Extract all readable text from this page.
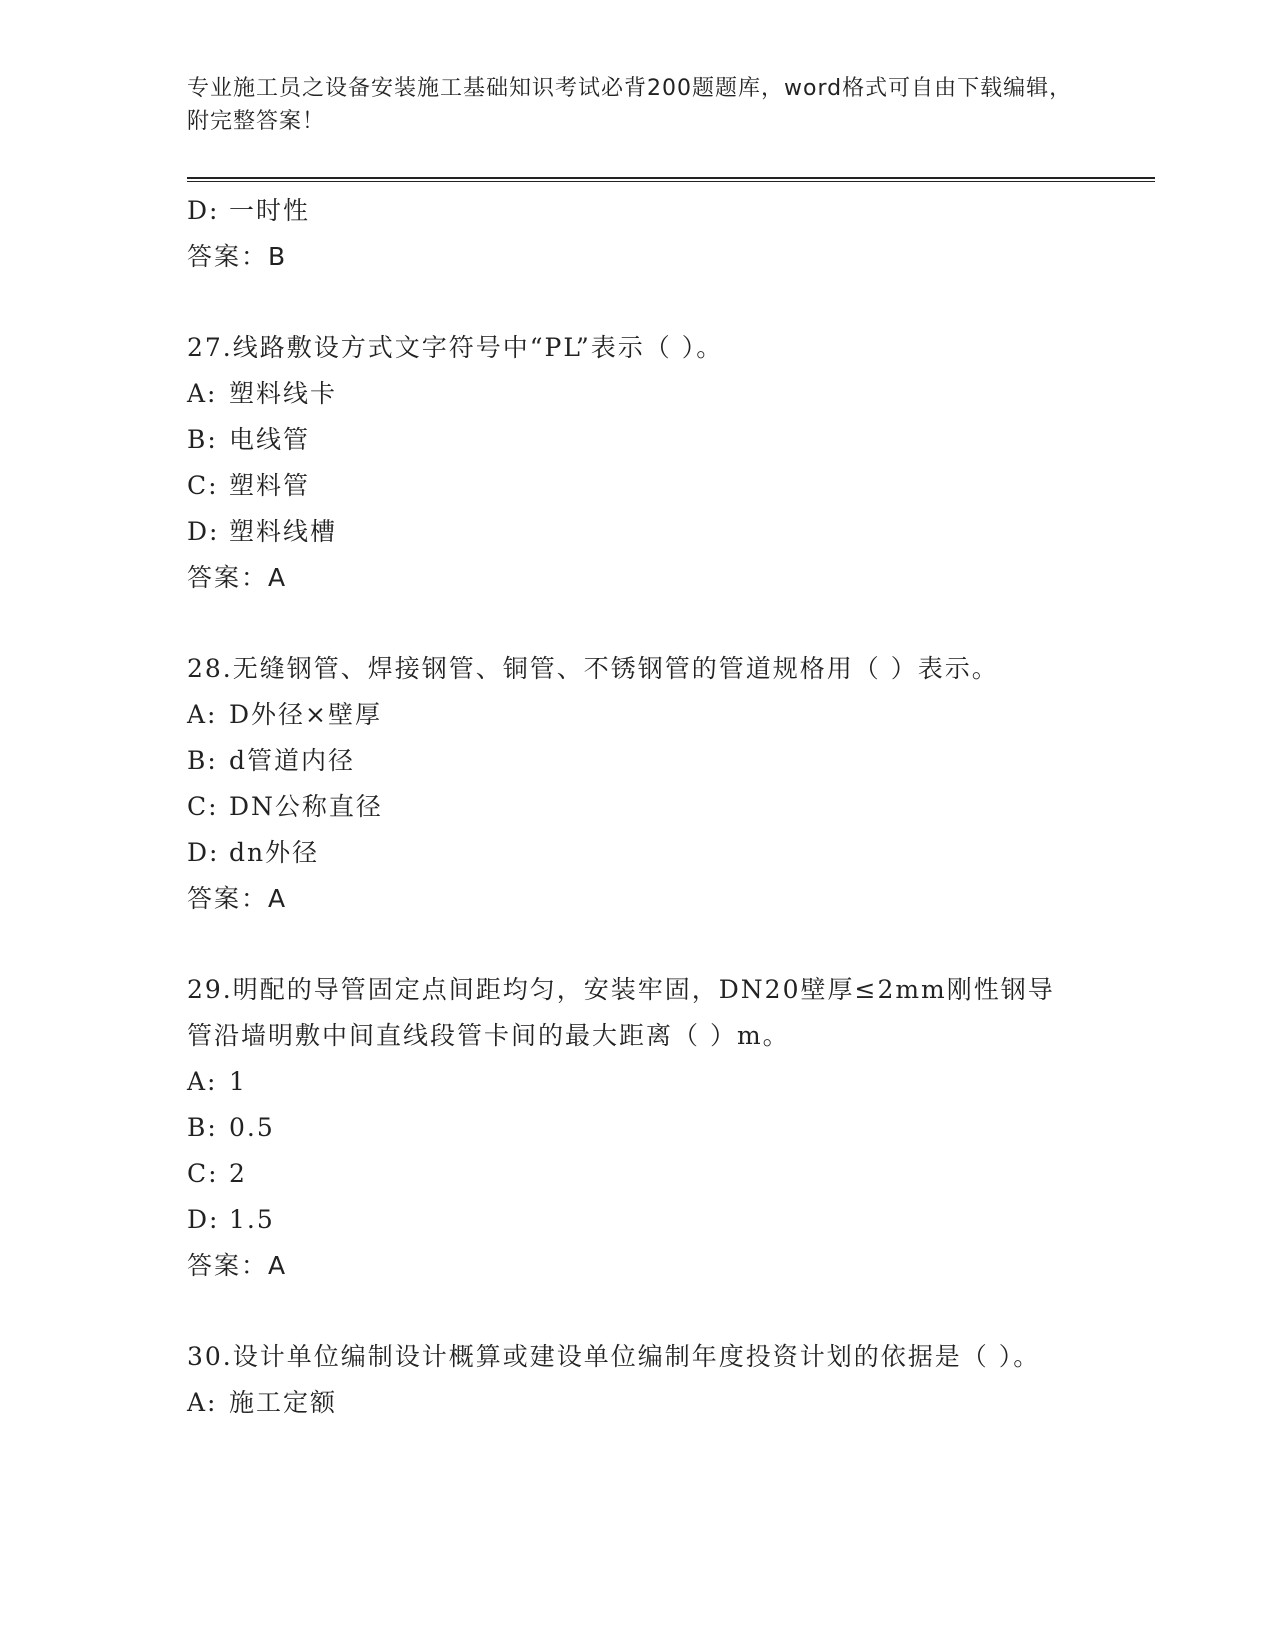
专业施工员之设备安装施工基础知识考试必背200题题库，word格式可自由下载编辑，附完整答案！
D: 一时性
答案：B
27.线路敷设方式文字符号中“PL”表示（ ）。
A: 塑料线卡
B: 电线管
C: 塑料管
D: 塑料线槽
答案：A
28.无缝钢管、焊接钢管、铜管、不锈钢管的管道规格用（ ）表示。
A: D外径×壁厚
B: d管道内径
C: DN公称直径
D: dn外径
答案：A
29.明配的导管固定点间距均匀，安装牢固，DN20壁厚≤2mm刚性钢导管沿墙明敷中间直线段管卡间的最大距离（ ）m。
A: 1
B: 0.5
C: 2
D: 1.5
答案：A
30.设计单位编制设计概算或建设单位编制年度投资计划的依据是（ ）。
A: 施工定额
